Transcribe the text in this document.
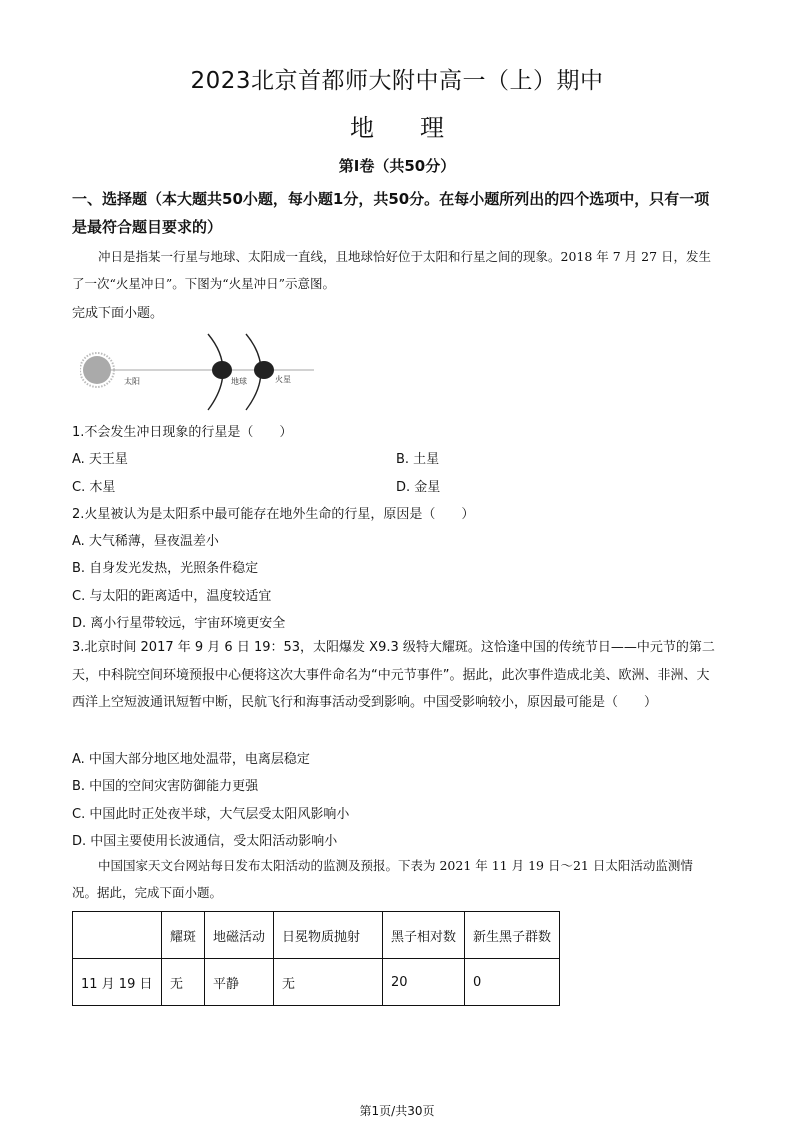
2023北京首都师大附中高一（上）期中
地理
第Ⅰ卷（共50分）
一、选择题（本大题共50小题，每小题1分，共50分。在每小题所列出的四个选项中，只有一项是最符合题目要求的）
冲日是指某一行星与地球、太阳成一直线，且地球恰好位于太阳和行星之间的现象。2018 年 7 月 27 日，发生了一次“火星冲日”。下图为“火星冲日”示意图。
完成下面小题。
太阳	地球	火星
1.不会发生冲日现象的行星是（　　）
A. 天王星	B. 土星
C. 木星	D. 金星
2.火星被认为是太阳系中最可能存在地外生命的行星，原因是（　　）
A. 大气稀薄，昼夜温差小
B. 自身发光发热，光照条件稳定
C. 与太阳的距离适中，温度较适宜
D. 离小行星带较远，宇宙环境更安全
3.北京时间 2017 年 9 月 6 日 19：53，太阳爆发 X9.3 级特大耀斑。这恰逢中国的传统节日——中元节的第二天，中科院空间环境预报中心便将这次大事件命名为“中元节事件”。据此，此次事件造成北美、欧洲、非洲、大西洋上空短波通讯短暂中断，民航飞行和海事活动受到影响。中国受影响较小，原因最可能是（　　）
A. 中国大部分地区地处温带，电离层稳定
B. 中国的空间灾害防御能力更强
C. 中国此时正处夜半球，大气层受太阳风影响小
D. 中国主要使用长波通信，受太阳活动影响小
中国国家天文台网站每日发布太阳活动的监测及预报。下表为 2021 年 11 月 19 日～21 日太阳活动监测情况。据此，完成下面小题。
	耀斑	地磁活动	日冕物质抛射	黑子相对数	新生黑子群数
11 月 19 日	无	平静	无	20	0
第1页/共30页
